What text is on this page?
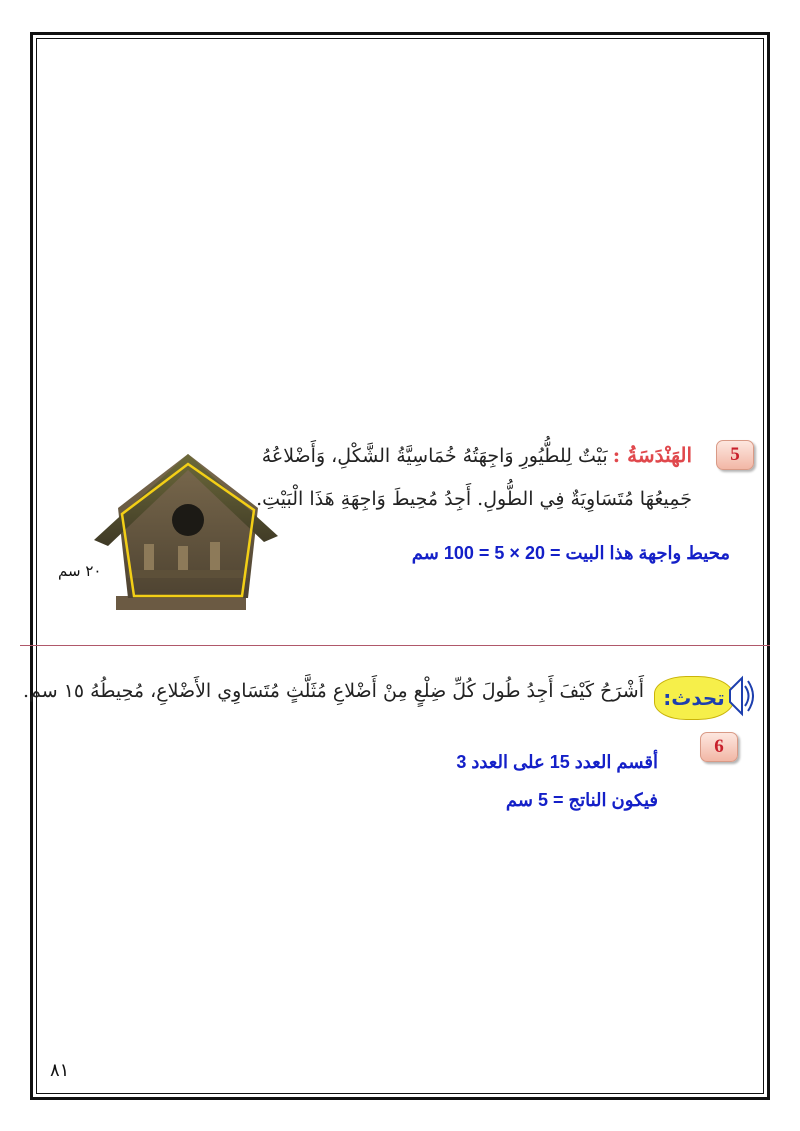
5
الهَنْدَسَةُ : بَيْتٌ لِلطُّيُورِ وَاجِهَتُهُ خُمَاسِيَّةُ الشَّكْلِ، وَأَضْلاعُهُ
جَمِيعُهَا مُتَسَاوِيَةٌ فِي الطُّولِ. أَجِدُ مُحِيطَ وَاجِهَةِ هَذَا الْبَيْتِ.
محيط واجهة هذا البيت = 20 × 5 = 100 سم
٢٠ سم
تحدث:
أَشْرَحُ كَيْفَ أَجِدُ طُولَ كُلِّ ضِلْعٍ مِنْ أَضْلاعِ مُثَلَّثٍ مُتَسَاوِي الأَضْلاعِ، مُحِيطُهُ ١٥ سم.
6
أقسم العدد 15 على العدد 3
فيكون الناتج = 5 سم
٨١
